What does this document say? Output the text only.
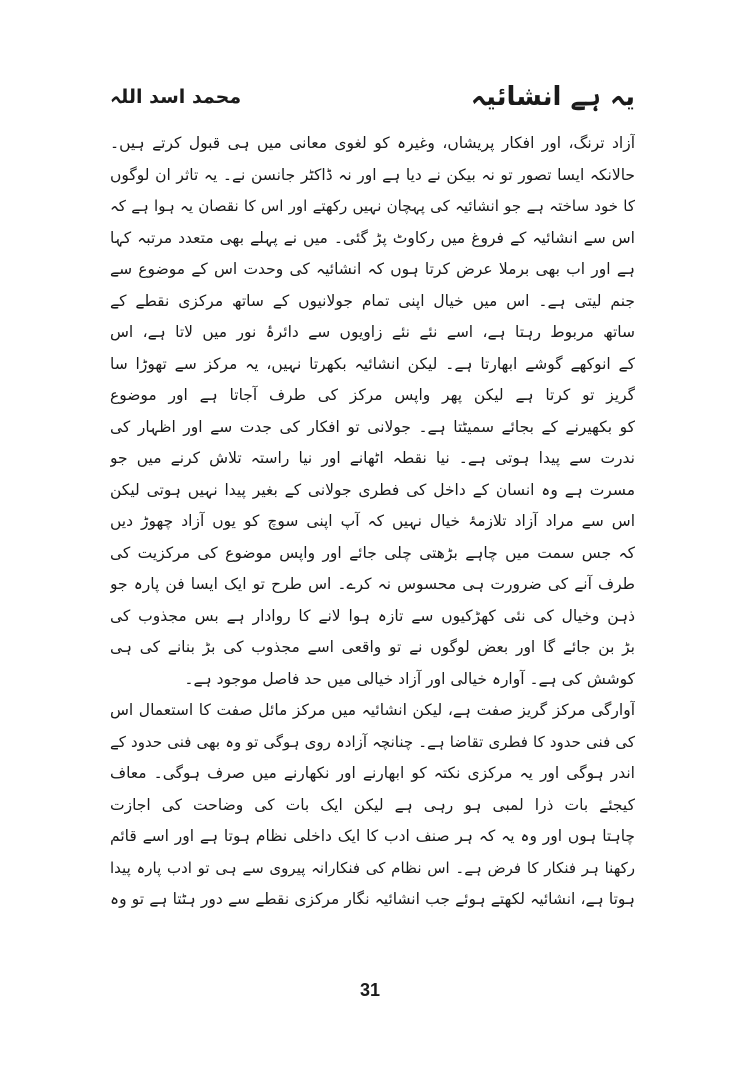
یہ ہے انشائیہ
محمد اسد اللہ
آزاد ترنگ، اور افکار پریشاں، وغیرہ کو لغوی معانی میں ہی قبول کرتے ہیں۔
حالانکہ ایسا تصور تو نہ بیکن نے دیا ہے اور نہ ڈاکٹر جانسن نے۔ یہ تاثر ان لوگوں
کا خود ساختہ ہے جو انشائیہ کی پہچان نہیں رکھتے اور اس کا نقصان یہ ہوا ہے کہ
اس سے انشائیہ کے فروغ میں رکاوٹ پڑ گئی۔ میں نے پہلے بھی متعدد مرتبہ کہا
ہے اور اب بھی برملا عرض کرتا ہوں کہ انشائیہ کی وحدت اس کے موضوع سے
جنم لیتی ہے۔ اس میں خیال اپنی تمام جولانیوں کے ساتھ مرکزی نقطے کے
ساتھ مربوط رہتا ہے، اسے نئے نئے زاویوں سے دائرۂ نور میں لاتا ہے، اس
کے انوکھے گوشے ابھارتا ہے۔ لیکن انشائیہ بکھرتا نہیں، یہ مرکز سے تھوڑا سا
گریز تو کرتا ہے لیکن پھر واپس مرکز کی طرف آجاتا ہے اور موضوع
کو بکھیرنے کے بجائے سمیٹتا ہے۔ جولانی تو افکار کی جدت سے اور اظہار کی
ندرت سے پیدا ہوتی ہے۔ نیا نقطہ اٹھانے اور نیا راستہ تلاش کرنے میں جو
مسرت ہے وہ انسان کے داخل کی فطری جولانی کے بغیر پیدا نہیں ہوتی لیکن
اس سے مراد آزاد تلازمۂ خیال نہیں کہ آپ اپنی سوچ کو یوں آزاد چھوڑ دیں
کہ جس سمت میں چاہے بڑھتی چلی جائے اور واپس موضوع کی مرکزیت کی
طرف آنے کی ضرورت ہی محسوس نہ کرے۔ اس طرح تو ایک ایسا فن پارہ جو
ذہن وخیال کی نئی کھڑکیوں سے تازہ ہوا لانے کا روادار ہے بس مجذوب کی
بڑ بن جائے گا اور بعض لوگوں نے تو واقعی اسے مجذوب کی بڑ بنانے کی ہی
کوشش کی ہے۔ آوارہ خیالی اور آزاد خیالی میں حد فاصل موجود ہے۔
آوارگی مرکز گریز صفت ہے، لیکن انشائیہ میں مرکز مائل صفت کا استعمال اس
کی فنی حدود کا فطری تقاضا ہے۔ چنانچہ آزادہ روی ہوگی تو وہ بھی فنی حدود کے
اندر ہوگی اور یہ مرکزی نکتہ کو ابھارنے اور نکھارنے میں صرف ہوگی۔ معاف
کیجئے بات ذرا لمبی ہو رہی ہے لیکن ایک بات کی وضاحت کی اجازت
چاہتا ہوں اور وہ یہ کہ ہر صنف ادب کا ایک داخلی نظام ہوتا ہے اور اسے قائم
رکھنا ہر فنکار کا فرض ہے۔ اس نظام کی فنکارانہ پیروی سے ہی تو ادب پارہ پیدا
ہوتا ہے، انشائیہ لکھتے ہوئے جب انشائیہ نگار مرکزی نقطے سے دور ہٹتا ہے تو وہ
31
